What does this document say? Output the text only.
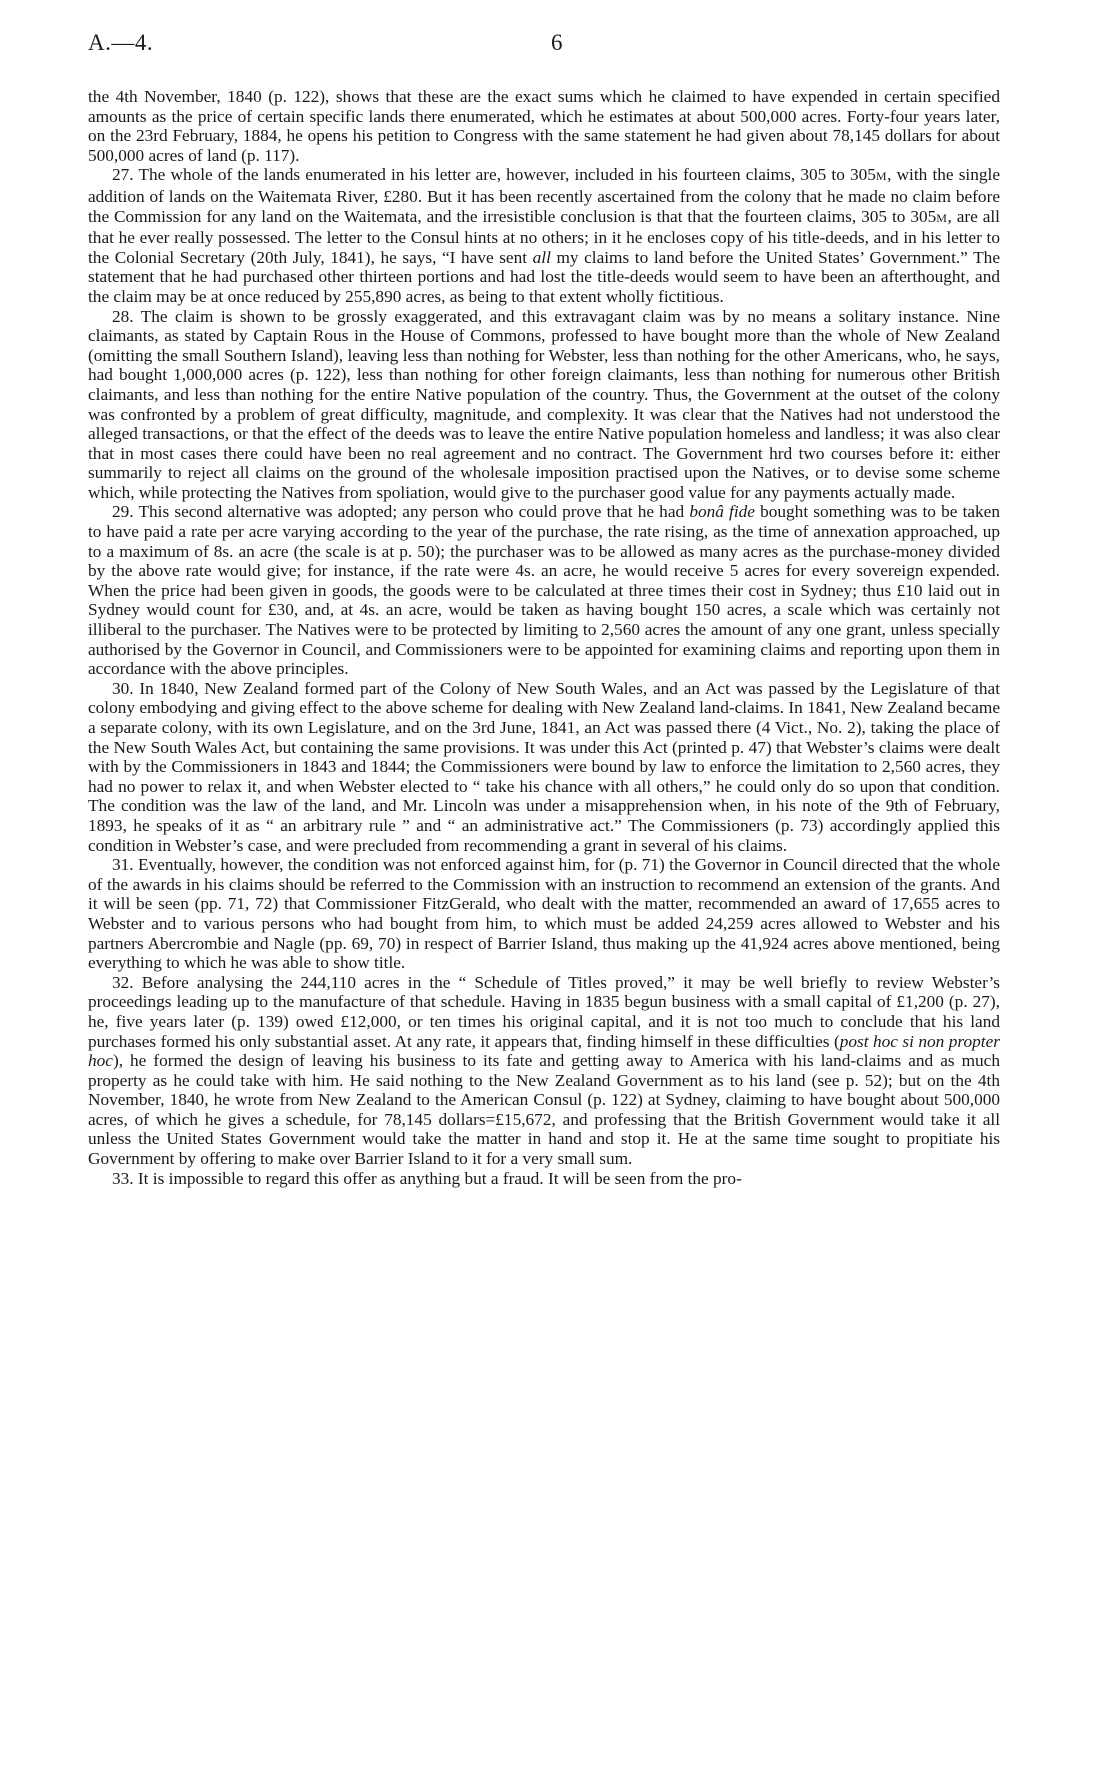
A.—4.	6

the 4th November, 1840 (p. 122), shows that these are the exact sums which he claimed to have expended in certain specified amounts as the price of certain specific lands there enumerated, which he estimates at about 500,000 acres. Forty-four years later, on the 23rd February, 1884, he opens his petition to Congress with the same statement he had given about 78,145 dollars for about 500,000 acres of land (p. 117).

27. The whole of the lands enumerated in his letter are, however, included in his fourteen claims, 305 to 305M, with the single addition of lands on the Waitemata River, £280. But it has been recently ascertained from the colony that he made no claim before the Commission for any land on the Waitemata, and the irresistible conclusion is that that the fourteen claims, 305 to 305M, are all that he ever really possessed. The letter to the Consul hints at no others; in it he encloses copy of his title-deeds, and in his letter to the Colonial Secretary (20th July, 1841), he says, “I have sent all my claims to land before the United States’ Government.” The statement that he had purchased other thirteen portions and had lost the title-deeds would seem to have been an afterthought, and the claim may be at once reduced by 255,890 acres, as being to that extent wholly fictitious.

28. The claim is shown to be grossly exaggerated, and this extravagant claim was by no means a solitary instance. Nine claimants, as stated by Captain Rous in the House of Commons, professed to have bought more than the whole of New Zealand (omitting the small Southern Island), leaving less than nothing for Webster, less than nothing for the other Americans, who, he says, had bought 1,000,000 acres (p. 122), less than nothing for other foreign claimants, less than nothing for numerous other British claimants, and less than nothing for the entire Native population of the country. Thus, the Government at the outset of the colony was confronted by a problem of great difficulty, magnitude, and complexity. It was clear that the Natives had not understood the alleged transactions, or that the effect of the deeds was to leave the entire Native population homeless and landless; it was also clear that in most cases there could have been no real agreement and no contract. The Government hrd two courses before it: either summarily to reject all claims on the ground of the wholesale imposition practised upon the Natives, or to devise some scheme which, while protecting the Natives from spoliation, would give to the purchaser good value for any payments actually made.

29. This second alternative was adopted; any person who could prove that he had bonâ fide bought something was to be taken to have paid a rate per acre varying according to the year of the purchase, the rate rising, as the time of annexation approached, up to a maximum of 8s. an acre (the scale is at p. 50); the purchaser was to be allowed as many acres as the purchase-money divided by the above rate would give; for instance, if the rate were 4s. an acre, he would receive 5 acres for every sovereign expended. When the price had been given in goods, the goods were to be calculated at three times their cost in Sydney; thus £10 laid out in Sydney would count for £30, and, at 4s. an acre, would be taken as having bought 150 acres, a scale which was certainly not illiberal to the purchaser. The Natives were to be protected by limiting to 2,560 acres the amount of any one grant, unless specially authorised by the Governor in Council, and Commissioners were to be appointed for examining claims and reporting upon them in accordance with the above principles.

30. In 1840, New Zealand formed part of the Colony of New South Wales, and an Act was passed by the Legislature of that colony embodying and giving effect to the above scheme for dealing with New Zealand land-claims. In 1841, New Zealand became a separate colony, with its own Legislature, and on the 3rd June, 1841, an Act was passed there (4 Vict., No. 2), taking the place of the New South Wales Act, but containing the same provisions. It was under this Act (printed p. 47) that Webster’s claims were dealt with by the Commissioners in 1843 and 1844; the Commissioners were bound by law to enforce the limitation to 2,560 acres, they had no power to relax it, and when Webster elected to “ take his chance with all others,” he could only do so upon that condition. The condition was the law of the land, and Mr. Lincoln was under a misapprehension when, in his note of the 9th of February, 1893, he speaks of it as “ an arbitrary rule ” and “ an administrative act.” The Commissioners (p. 73) accordingly applied this condition in Webster’s case, and were precluded from recommending a grant in several of his claims.

31. Eventually, however, the condition was not enforced against him, for (p. 71) the Governor in Council directed that the whole of the awards in his claims should be referred to the Commission with an instruction to recommend an extension of the grants. And it will be seen (pp. 71, 72) that Commissioner FitzGerald, who dealt with the matter, recommended an award of 17,655 acres to Webster and to various persons who had bought from him, to which must be added 24,259 acres allowed to Webster and his partners Abercrombie and Nagle (pp. 69, 70) in respect of Barrier Island, thus making up the 41,924 acres above mentioned, being everything to which he was able to show title.

32. Before analysing the 244,110 acres in the “ Schedule of Titles proved,” it may be well briefly to review Webster’s proceedings leading up to the manufacture of that schedule. Having in 1835 begun business with a small capital of £1,200 (p. 27), he, five years later (p. 139) owed £12,000, or ten times his original capital, and it is not too much to conclude that his land purchases formed his only substantial asset. At any rate, it appears that, finding himself in these difficulties (post hoc si non propter hoc), he formed the design of leaving his business to its fate and getting away to America with his land-claims and as much property as he could take with him. He said nothing to the New Zealand Government as to his land (see p. 52); but on the 4th November, 1840, he wrote from New Zealand to the American Consul (p. 122) at Sydney, claiming to have bought about 500,000 acres, of which he gives a schedule, for 78,145 dollars=£15,672, and professing that the British Government would take it all unless the United States Government would take the matter in hand and stop it. He at the same time sought to propitiate his Government by offering to make over Barrier Island to it for a very small sum.

33. It is impossible to regard this offer as anything but a fraud. It will be seen from the pro-
